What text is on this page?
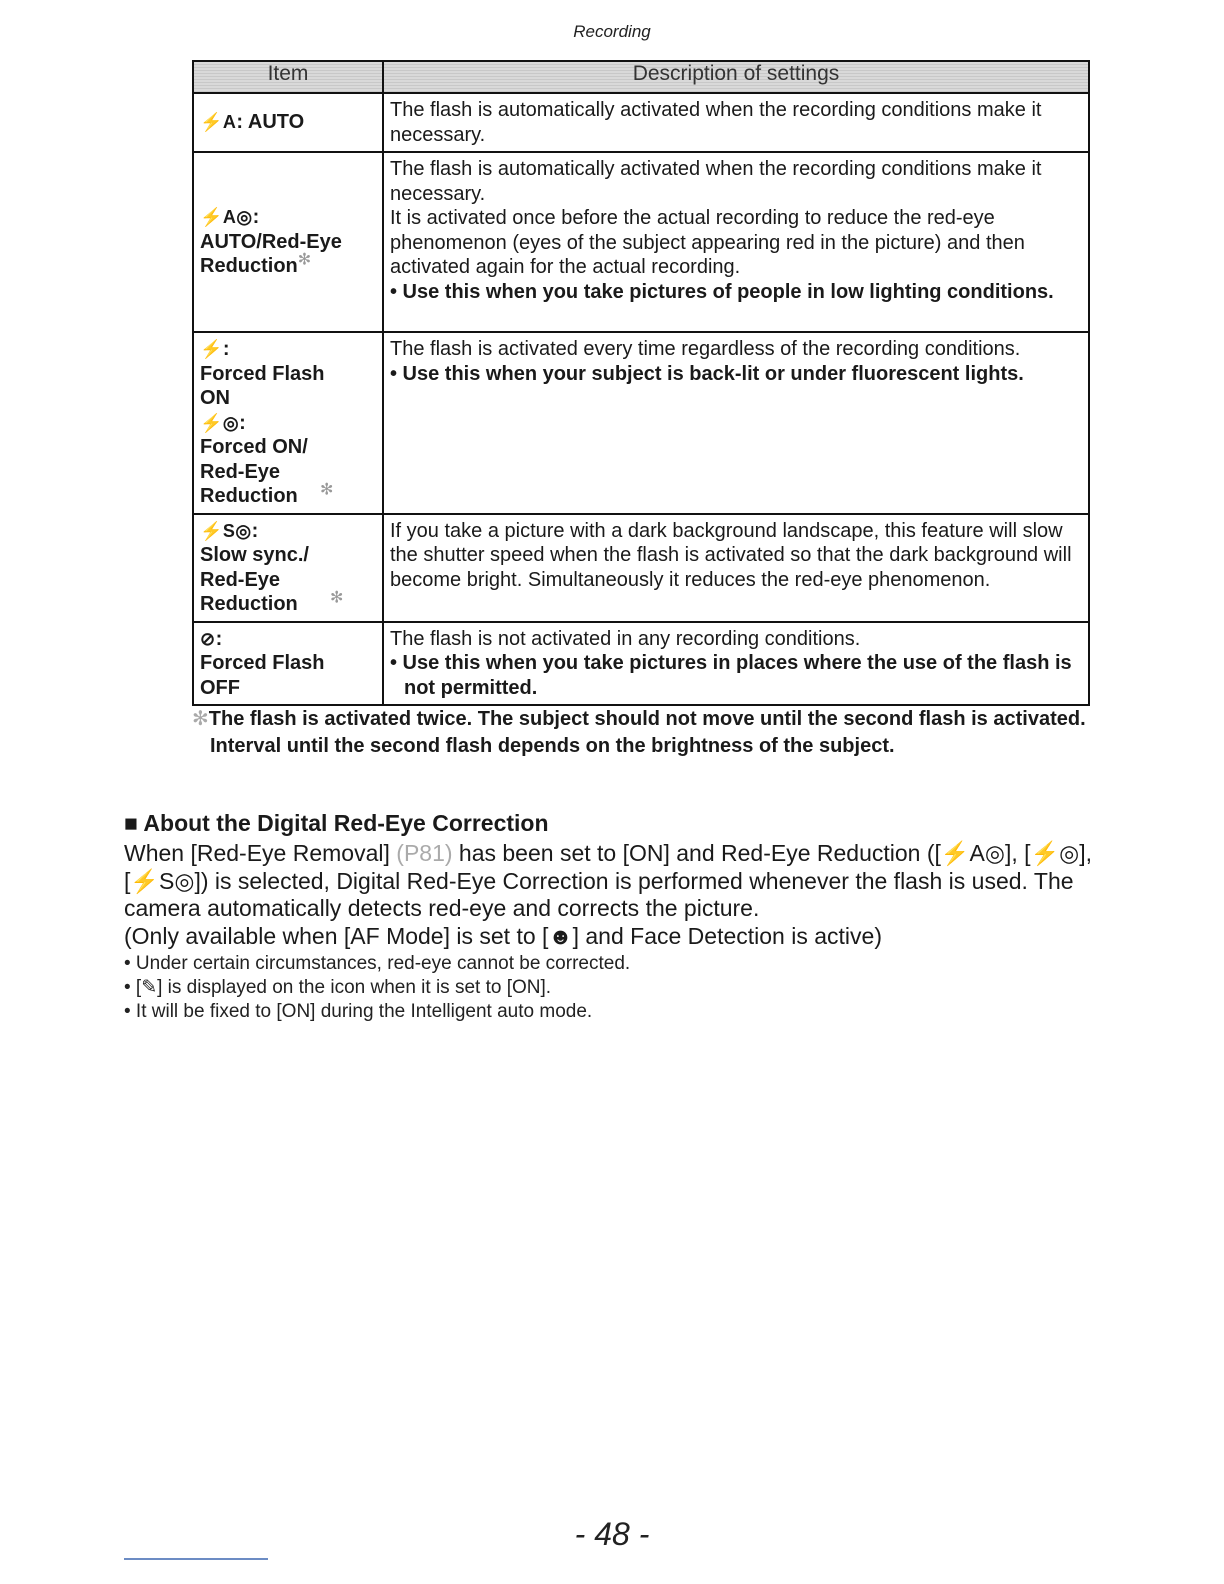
Recording
Item	Description of settings
⚡A: AUTO	The flash is automatically activated when the recording conditions make it necessary.
⚡A◎:
AUTO/Red-Eye Reduction✻	The flash is automatically activated when the recording conditions make it necessary.
It is activated once before the actual recording to reduce the red-eye phenomenon (eyes of the subject appearing red in the picture) and then activated again for the actual recording.
• Use this when you take pictures of people in low lighting conditions.

⚡:
Forced Flash ON
⚡◎:
Forced ON/ Red-Eye Reduction ✻	The flash is activated every time regardless of the recording conditions.
• Use this when your subject is back-lit or under fluorescent lights.

⚡S◎:
Slow sync./ Red-Eye Reduction ✻	If you take a picture with a dark background landscape, this feature will slow the shutter speed when the flash is activated so that the dark background will become bright. Simultaneously it reduces the red-eye phenomenon.
⊘:
Forced Flash OFF	The flash is not activated in any recording conditions.
• Use this when you take pictures in places where the use of the flash is not permitted.
✻The flash is activated twice. The subject should not move until the second flash is activated. Interval until the second flash depends on the brightness of the subject.
■ About the Digital Red-Eye Correction
When [Red-Eye Removal] (P81) has been set to [ON] and Red-Eye Reduction ([⚡A◎], [⚡◎], [⚡S◎]) is selected, Digital Red-Eye Correction is performed whenever the flash is used. The camera automatically detects red-eye and corrects the picture.
(Only available when [AF Mode] is set to [☻] and Face Detection is active)
• Under certain circumstances, red-eye cannot be corrected.
• [✎] is displayed on the icon when it is set to [ON].
• It will be fixed to [ON] during the Intelligent auto mode.
- 48 -
